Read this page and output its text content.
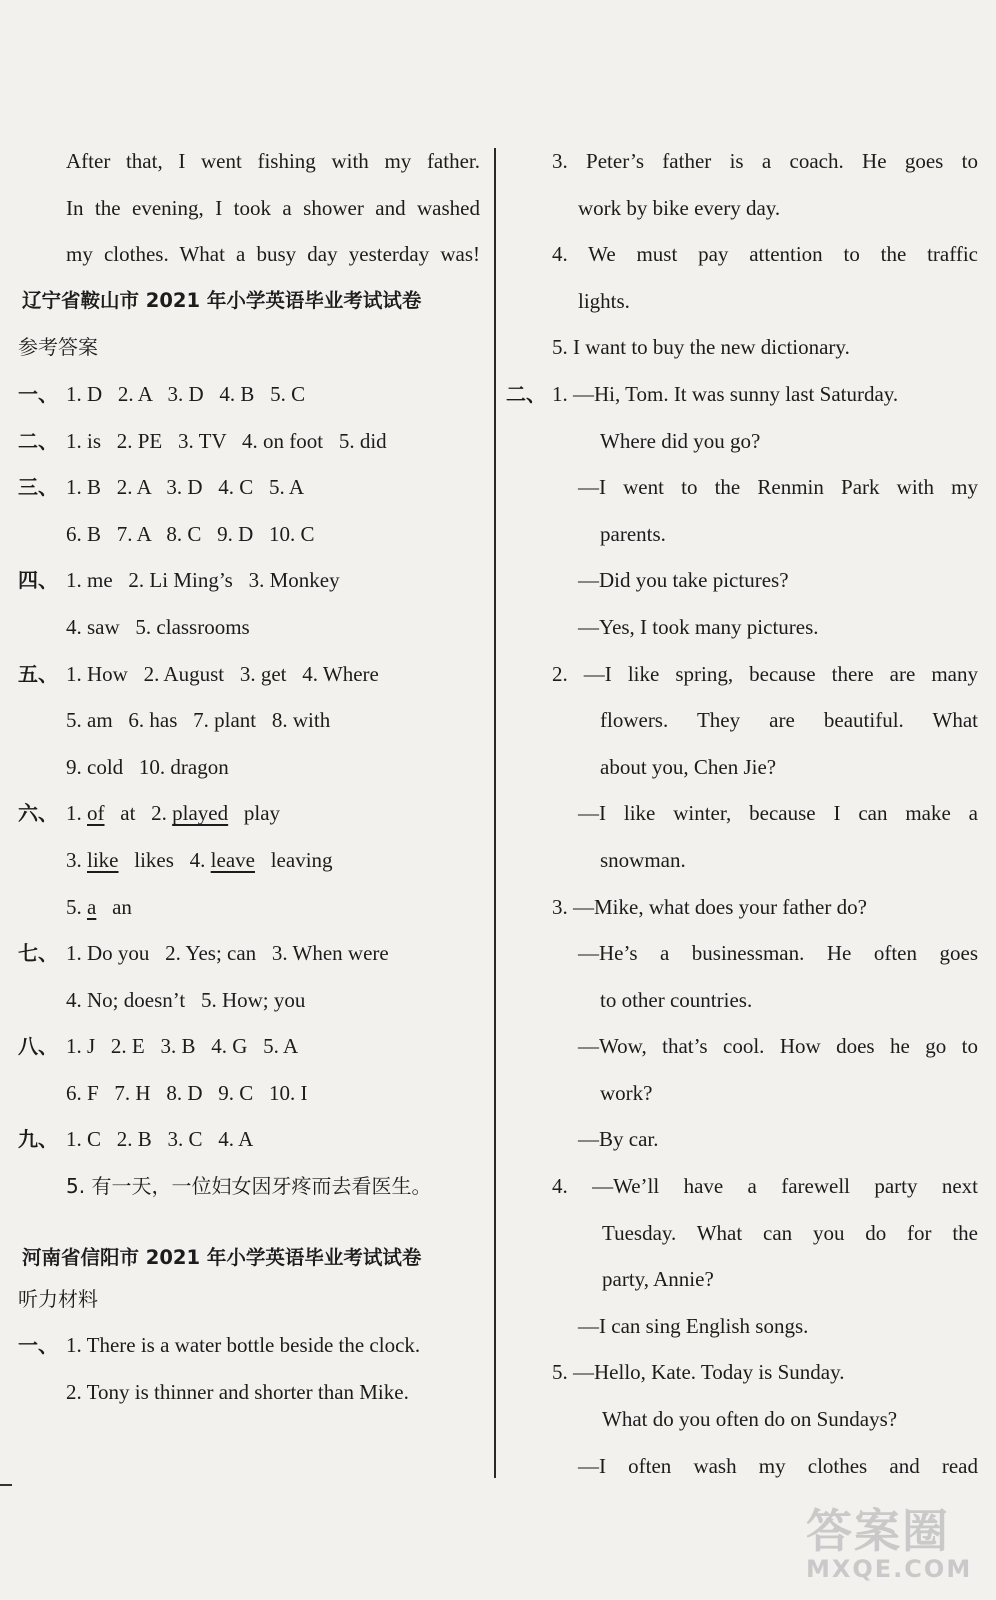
After that, I went fishing with my father.
In the evening, I took a shower and washed
my clothes. What a busy day yesterday was!
辽宁省鞍山市 2021 年小学英语毕业考试试卷
参考答案
一、 1. D   2. A   3. D   4. B   5. C
二、 1. is   2. PE   3. TV   4. on foot   5. did
三、 1. B   2. A   3. D   4. C   5. A
6. B   7. A   8. C   9. D   10. C
四、 1. me   2. Li Ming’s   3. Monkey
4. saw   5. classrooms
五、 1. How   2. August   3. get   4. Where
5. am   6. has   7. plant   8. with
9. cold   10. dragon
六、 1. of   at   2. played   play
3. like   likes   4. leave   leaving
5. a   an
七、 1. Do you   2. Yes; can   3. When were
4. No; doesn’t   5. How; you
八、 1. J   2. E   3. B   4. G   5. A
6. F   7. H   8. D   9. C   10. I
九、 1. C   2. B   3. C   4. A
5. 有一天，一位妇女因牙疼而去看医生。
河南省信阳市 2021 年小学英语毕业考试试卷
听力材料
一、 1. There is a water bottle beside the clock.
2. Tony is thinner and shorter than Mike.
3. Peter’s father is a coach. He goes to
work by bike every day.
4. We must pay attention to the traffic
lights.
5. I want to buy the new dictionary.
二、 1. —Hi, Tom. It was sunny last Saturday.
Where did you go?
—I went to the Renmin Park with my
parents.
—Did you take pictures?
—Yes, I took many pictures.
2. —I like spring, because there are many
flowers. They are beautiful. What
about you, Chen Jie?
—I like winter, because I can make a
snowman.
3. —Mike, what does your father do?
—He’s a businessman. He often goes
to other countries.
—Wow, that’s cool. How does he go to
work?
—By car.
4. —We’ll have a farewell party next
Tuesday. What can you do for the
party, Annie?
—I can sing English songs.
5. —Hello, Kate. Today is Sunday.
What do you often do on Sundays?
—I often wash my clothes and read
答案圈
MXQE.COM
